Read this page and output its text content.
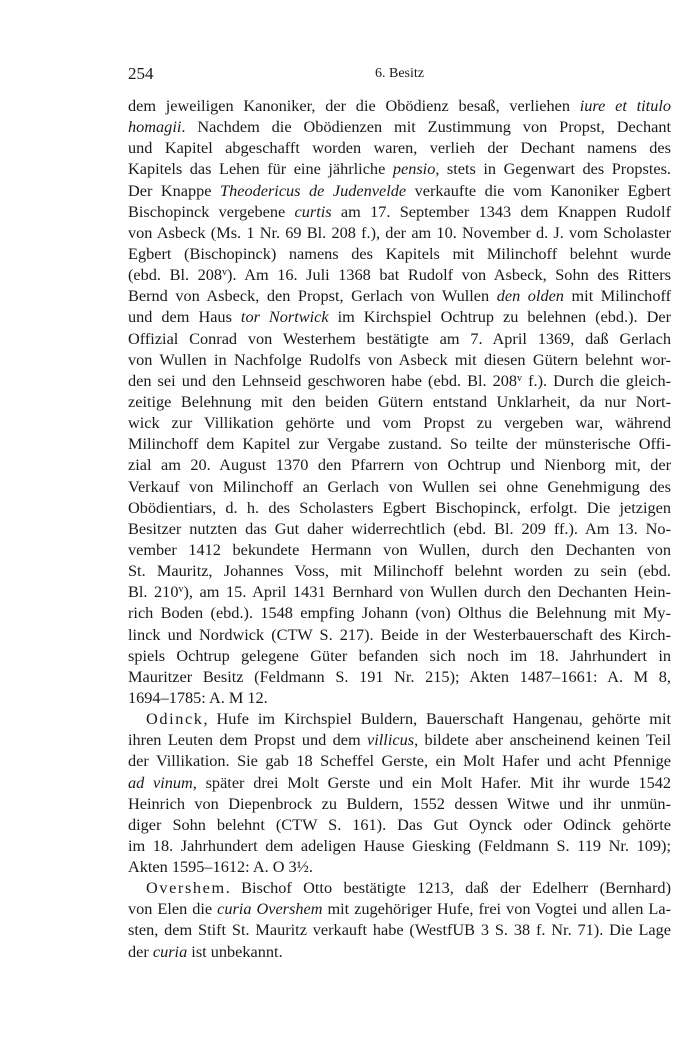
254	6. Besitz
dem jeweiligen Kanoniker, der die Obödienz besaß, verliehen iure et titulo
homagii. Nachdem die Obödienzen mit Zustimmung von Propst, Dechant
und Kapitel abgeschafft worden waren, verlieh der Dechant namens des
Kapitels das Lehen für eine jährliche pensio, stets in Gegenwart des Propstes.
Der Knappe Theodericus de Judenvelde verkaufte die vom Kanoniker Egbert
Bischopinck vergebene curtis am 17. September 1343 dem Knappen Rudolf
von Asbeck (Ms. 1 Nr. 69 Bl. 208 f.), der am 10. November d. J. vom Scholaster
Egbert (Bischopinck) namens des Kapitels mit Milinchoff belehnt wurde
(ebd. Bl. 208$^v$). Am 16. Juli 1368 bat Rudolf von Asbeck, Sohn des Ritters
Bernd von Asbeck, den Propst, Gerlach von Wullen den olden mit Milinchoff
und dem Haus tor Nortwick im Kirchspiel Ochtrup zu belehnen (ebd.). Der
Offizial Conrad von Westerhem bestätigte am 7. April 1369, daß Gerlach
von Wullen in Nachfolge Rudolfs von Asbeck mit diesen Gütern belehnt wor-
den sei und den Lehnseid geschworen habe (ebd. Bl. 208$^v$ f.). Durch die gleich-
zeitige Belehnung mit den beiden Gütern entstand Unklarheit, da nur Nort-
wick zur Villikation gehörte und vom Propst zu vergeben war, während
Milinchoff dem Kapitel zur Vergabe zustand. So teilte der münsterische Offi-
zial am 20. August 1370 den Pfarrern von Ochtrup und Nienborg mit, der
Verkauf von Milinchoff an Gerlach von Wullen sei ohne Genehmigung des
Obödientiars, d. h. des Scholasters Egbert Bischopinck, erfolgt. Die jetzigen
Besitzer nutzten das Gut daher widerrechtlich (ebd. Bl. 209 ff.). Am 13. No-
vember 1412 bekundete Hermann von Wullen, durch den Dechanten von
St. Mauritz, Johannes Voss, mit Milinchoff belehnt worden zu sein (ebd.
Bl. 210$^v$), am 15. April 1431 Bernhard von Wullen durch den Dechanten Hein-
rich Boden (ebd.). 1548 empfing Johann (von) Olthus die Belehnung mit My-
linck und Nordwick (CTW S. 217). Beide in der Westerbauerschaft des Kirch-
spiels Ochtrup gelegene Güter befanden sich noch im 18. Jahrhundert in
Mauritzer Besitz (Feldmann S. 191 Nr. 215); Akten 1487–1661: A. M 8,
1694–1785: A. M 12.
Odinck, Hufe im Kirchspiel Buldern, Bauerschaft Hangenau, gehörte mit
ihren Leuten dem Propst und dem villicus, bildete aber anscheinend keinen Teil
der Villikation. Sie gab 18 Scheffel Gerste, ein Molt Hafer und acht Pfennige
ad vinum, später drei Molt Gerste und ein Molt Hafer. Mit ihr wurde 1542
Heinrich von Diepenbrock zu Buldern, 1552 dessen Witwe und ihr unmün-
diger Sohn belehnt (CTW S. 161). Das Gut Oynck oder Odinck gehörte
im 18. Jahrhundert dem adeligen Hause Giesking (Feldmann S. 119 Nr. 109);
Akten 1595–1612: A. O 3½.
Overshem. Bischof Otto bestätigte 1213, daß der Edelherr (Bernhard)
von Elen die curia Overshem mit zugehöriger Hufe, frei von Vogtei und allen La-
sten, dem Stift St. Mauritz verkauft habe (WestfUB 3 S. 38 f. Nr. 71). Die Lage
der curia ist unbekannt.
